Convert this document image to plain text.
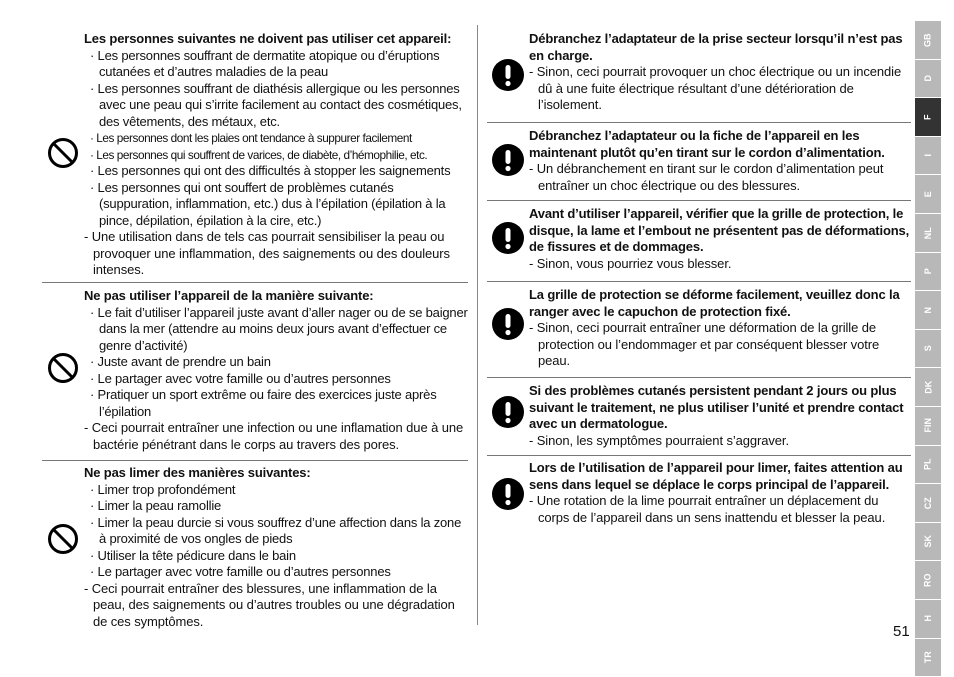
Les personnes suivantes ne doivent pas utiliser cet appareil:
· Les personnes souffrant de dermatite atopique ou d’éruptions cutanées et d’autres maladies de la peau
· Les personnes souffrant de diathésis allergique ou les personnes avec une peau qui s’irrite facilement au contact des cosmétiques, des vêtements, des métaux, etc.
· Les personnes dont les plaies ont tendance à suppurer facilement
· Les personnes qui souffrent de varices, de diabète, d’hémophilie, etc.
· Les personnes qui ont des difficultés à stopper les saignements
· Les personnes qui ont souffert de problèmes cutanés (suppuration, inflammation, etc.) dus à l’épilation (épilation à la pince, dépilation, épilation à la cire, etc.)
- Une utilisation dans de tels cas pourrait sensibiliser la peau ou provoquer une inflammation, des saignements ou des douleurs intenses.
Ne pas utiliser l’appareil de la manière suivante:
· Le fait d’utiliser l’appareil juste avant d’aller nager ou de se baigner dans la mer (attendre au moins deux jours avant d’effectuer ce genre d’activité)
· Juste avant de prendre un bain
· Le partager avec votre famille ou d’autres personnes
· Pratiquer un sport extrême ou faire des exercices juste après l’épilation
- Ceci pourrait entraîner une infection ou une inflamation due à une bactérie pénétrant dans le corps au travers des pores.
Ne pas limer des manières suivantes:
· Limer trop profondément
· Limer la peau ramollie
· Limer la peau durcie si vous souffrez d’une affection dans la zone à proximité de vos ongles de pieds
· Utiliser la tête pédicure dans le bain
· Le partager avec votre famille ou d’autres personnes
- Ceci pourrait entraîner des blessures, une inflammation de la peau, des saignements ou d’autres troubles ou une dégradation de ces symptômes.
Débranchez l’adaptateur de la prise secteur lorsqu’il n’est pas en charge.
- Sinon, ceci pourrait provoquer un choc électrique ou un incendie dû à une fuite électrique résultant d’une détérioration de l’isolement.
Débranchez l’adaptateur ou la fiche de l’appareil en les maintenant plutôt qu’en tirant sur le cordon d’alimentation.
- Un débranchement en tirant sur le cordon d’alimentation peut entraîner un choc électrique ou des blessures.
Avant d’utiliser l’appareil, vérifier que la grille de protection, le disque, la lame et l’embout ne présentent pas de déformations, de fissures et de dommages.
- Sinon, vous pourriez vous blesser.
La grille de protection se déforme facilement, veuillez donc la ranger avec le capuchon de protection fixé.
- Sinon, ceci pourrait entraîner une déformation de la grille de protection ou l’endommager et par conséquent blesser votre peau.
Si des problèmes cutanés persistent pendant 2 jours ou plus suivant le traitement, ne plus utiliser l’unité et prendre contact avec un dermatologue.
- Sinon, les symptômes pourraient s’aggraver.
Lors de l’utilisation de l’appareil pour limer, faites attention au sens dans lequel se déplace le corps principal de l’appareil.
- Une rotation de la lime pourrait entraîner un déplacement du corps de l’appareil dans un sens inattendu et blesser la peau.
GB
D
F
I
E
NL
P
N
S
DK
FIN
PL
CZ
SK
RO
H
TR
51
